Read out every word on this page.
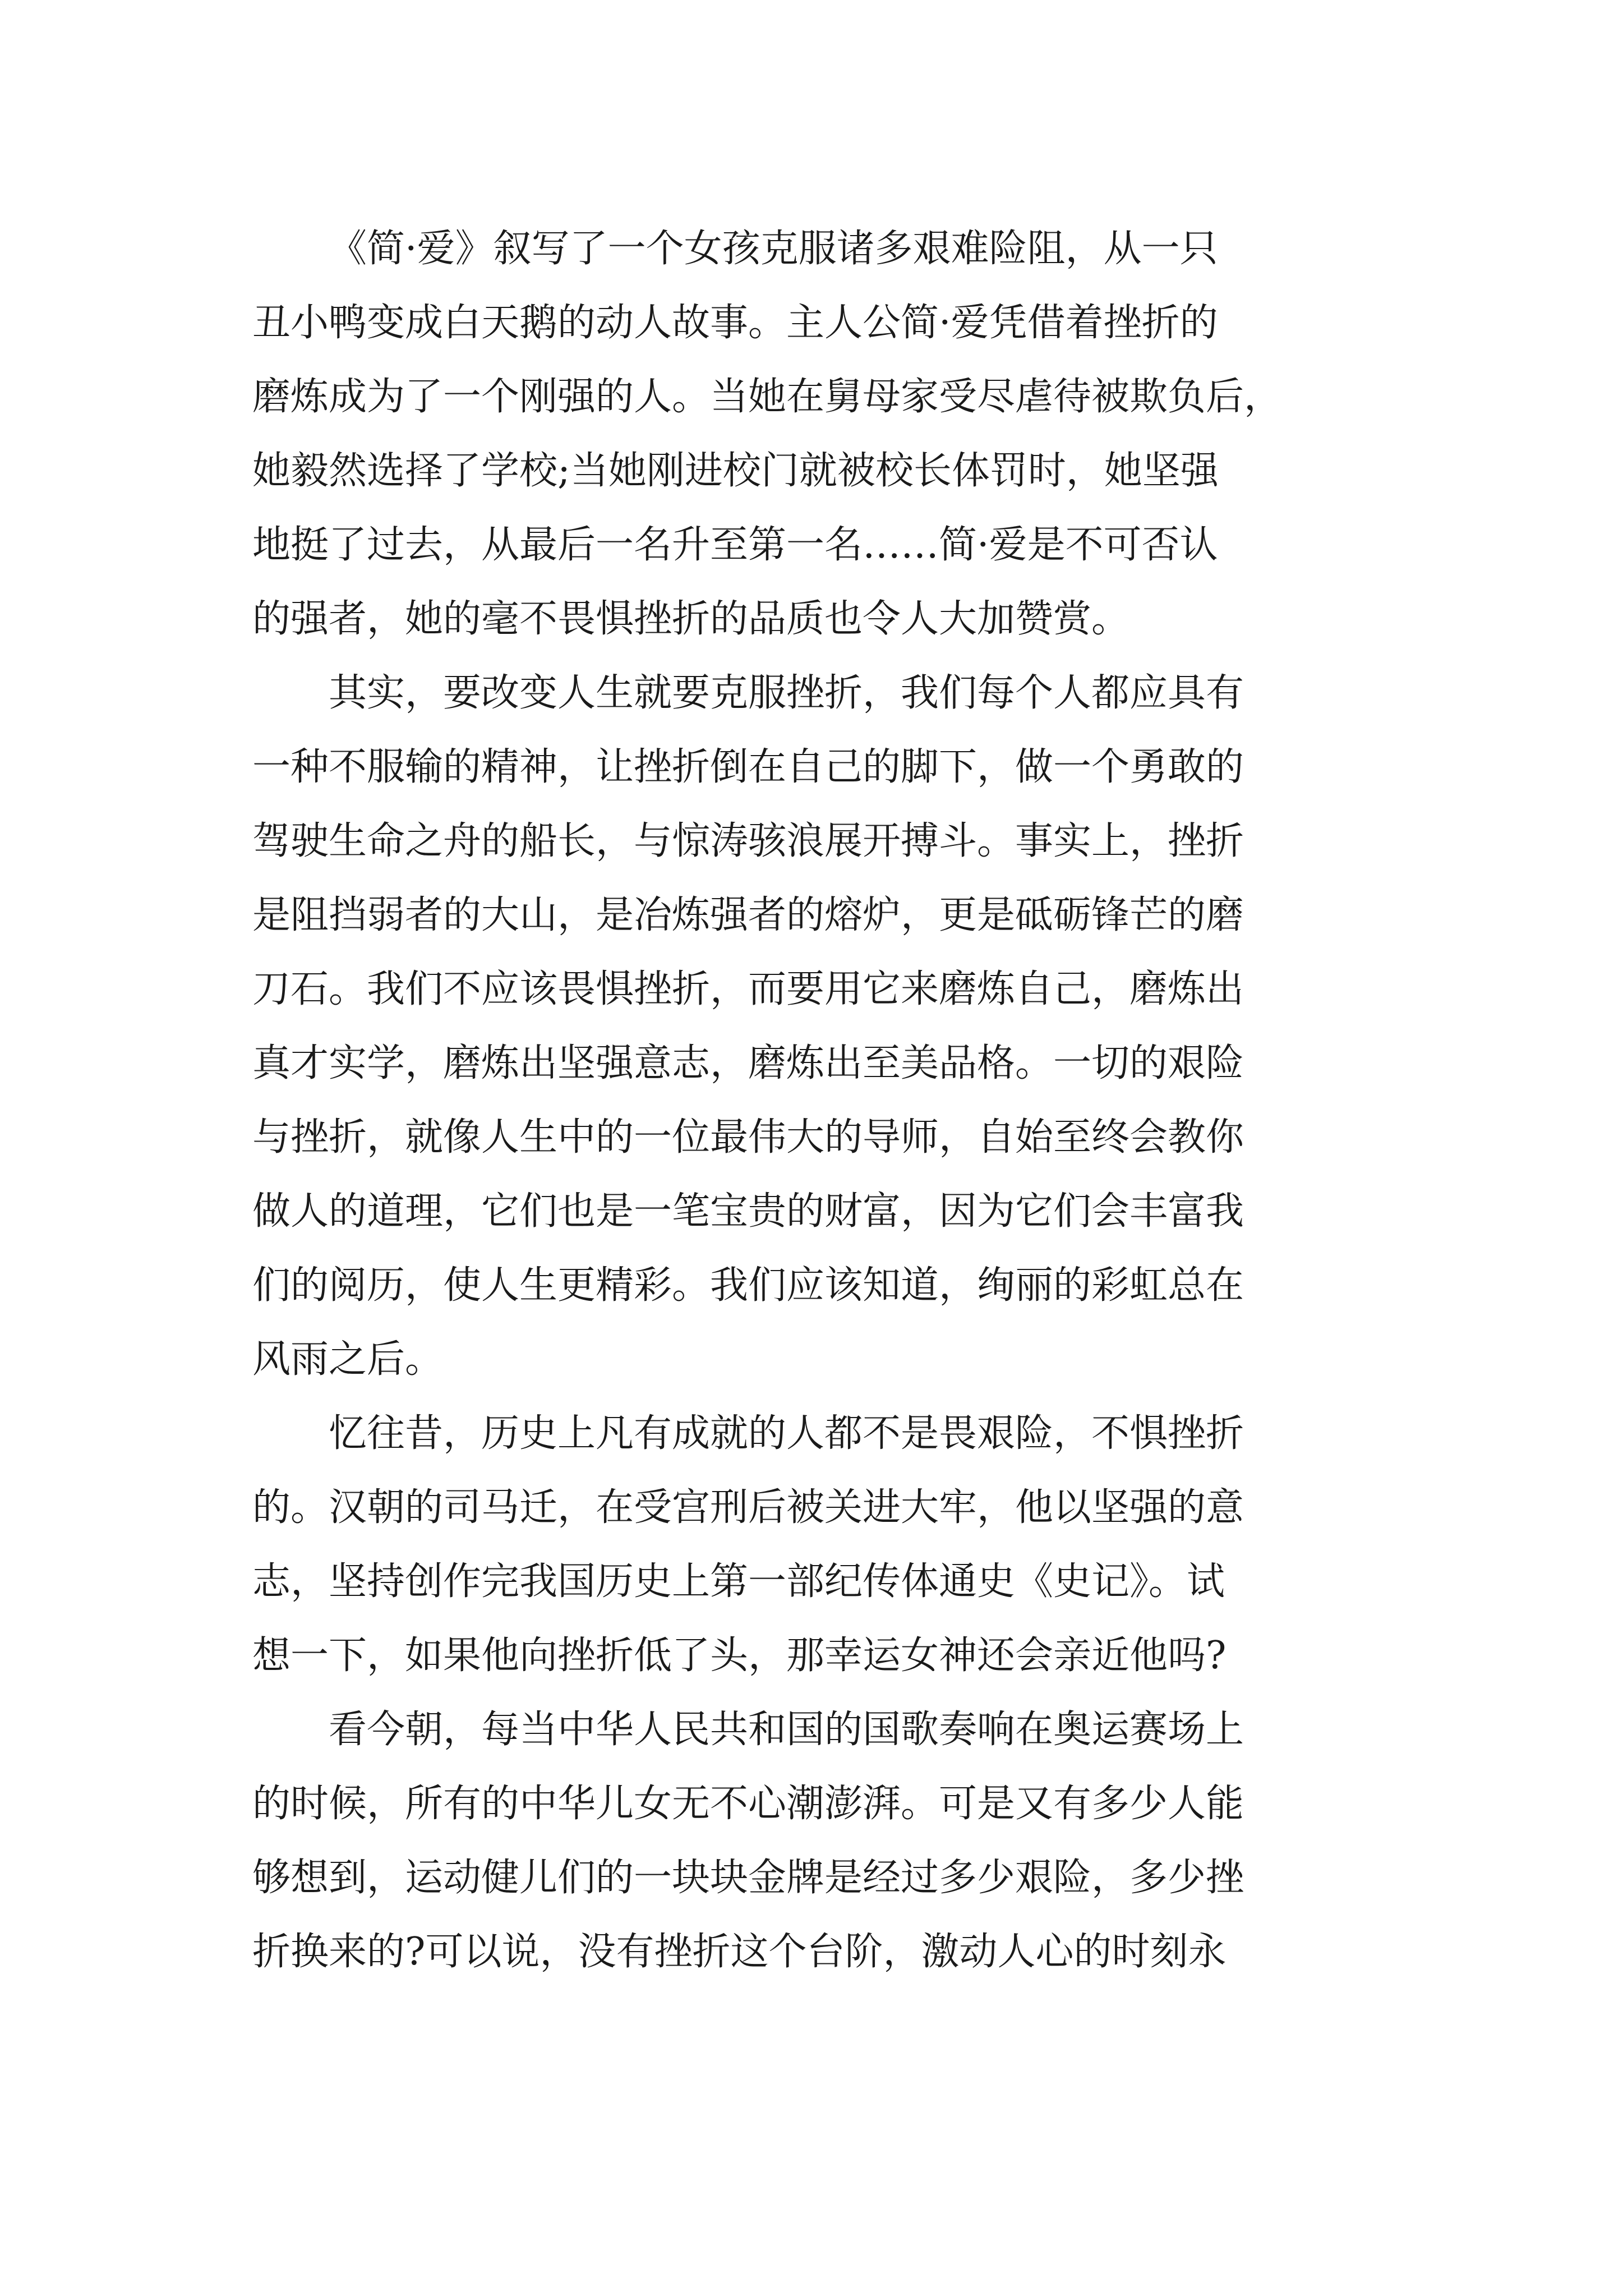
《简·爱》叙写了一个女孩克服诸多艰难险阻，从一只
丑小鸭变成白天鹅的动人故事。主人公简·爱凭借着挫折的
磨炼成为了一个刚强的人。当她在舅母家受尽虐待被欺负后，
她毅然选择了学校;当她刚进校门就被校长体罚时，她坚强
地挺了过去，从最后一名升至第一名……简·爱是不可否认
的强者，她的毫不畏惧挫折的品质也令人大加赞赏。
其实，要改变人生就要克服挫折，我们每个人都应具有
一种不服输的精神，让挫折倒在自己的脚下，做一个勇敢的
驾驶生命之舟的船长，与惊涛骇浪展开搏斗。事实上，挫折
是阻挡弱者的大山，是冶炼强者的熔炉，更是砥砺锋芒的磨
刀石。我们不应该畏惧挫折，而要用它来磨炼自己，磨炼出
真才实学，磨炼出坚强意志，磨炼出至美品格。一切的艰险
与挫折，就像人生中的一位最伟大的导师，自始至终会教你
做人的道理，它们也是一笔宝贵的财富，因为它们会丰富我
们的阅历，使人生更精彩。我们应该知道，绚丽的彩虹总在
风雨之后。
忆往昔，历史上凡有成就的人都不是畏艰险，不惧挫折
的。汉朝的司马迁，在受宫刑后被关进大牢，他以坚强的意
志，坚持创作完我国历史上第一部纪传体通史《史记》。试
想一下，如果他向挫折低了头，那幸运女神还会亲近他吗?
看今朝，每当中华人民共和国的国歌奏响在奥运赛场上
的时候，所有的中华儿女无不心潮澎湃。可是又有多少人能
够想到，运动健儿们的一块块金牌是经过多少艰险，多少挫
折换来的?可以说，没有挫折这个台阶，激动人心的时刻永
